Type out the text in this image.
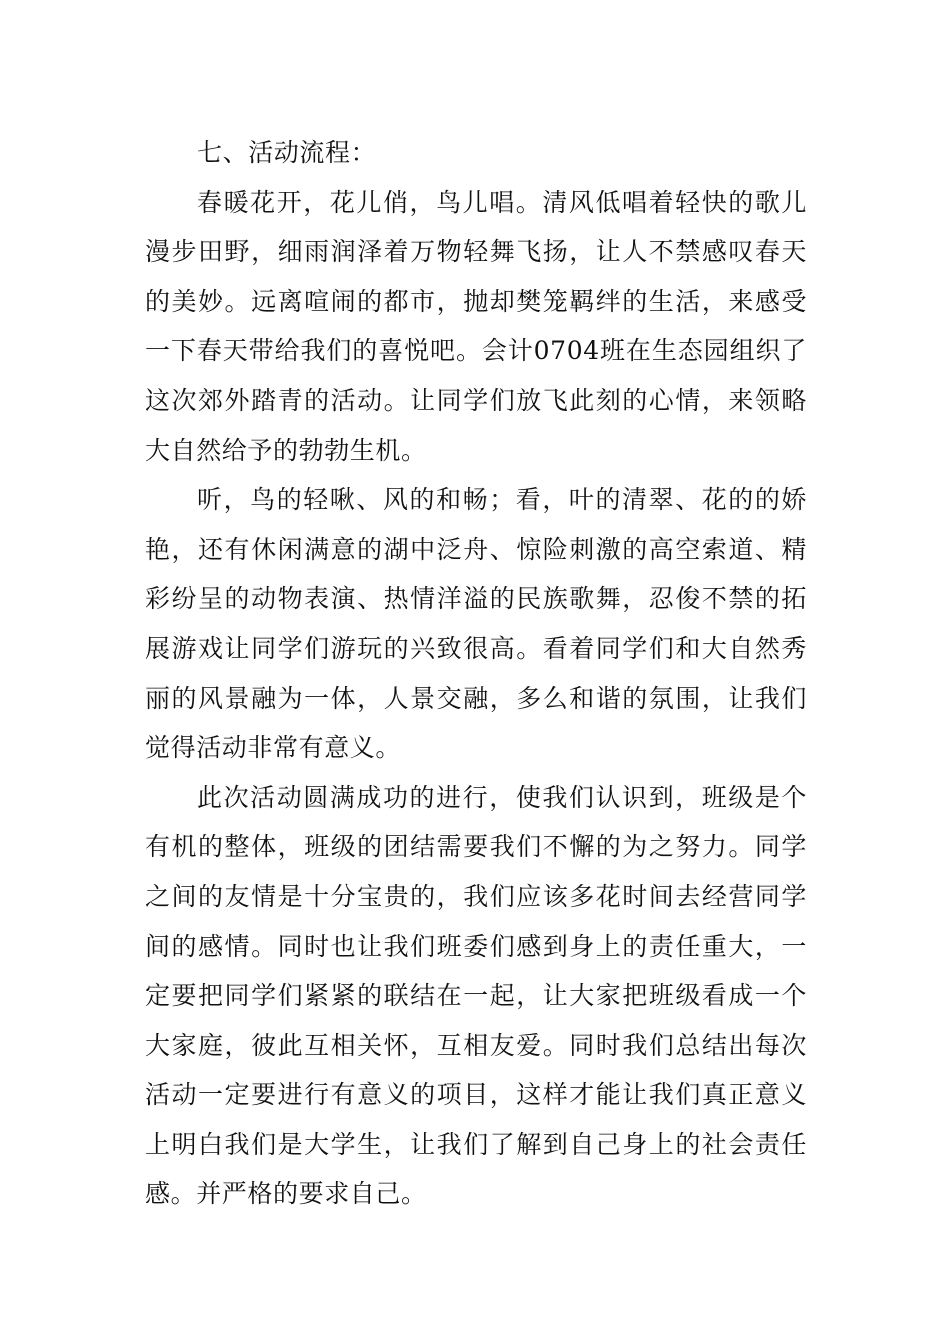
七、活动流程：

春暖花开，花儿俏，鸟儿唱。清风低唱着轻快的歌儿漫步田野，细雨润泽着万物轻舞飞扬，让人不禁感叹春天的美妙。远离喧闹的都市，抛却樊笼羁绊的生活，来感受一下春天带给我们的喜悦吧。会计0704班在生态园组织了这次郊外踏青的活动。让同学们放飞此刻的心情，来领略大自然给予的勃勃生机。

听，鸟的轻啾、风的和畅；看，叶的清翠、花的的娇艳，还有休闲满意的湖中泛舟、惊险刺激的高空索道、精彩纷呈的动物表演、热情洋溢的民族歌舞，忍俊不禁的拓展游戏让同学们游玩的兴致很高。看着同学们和大自然秀丽的风景融为一体，人景交融，多么和谐的氛围，让我们觉得活动非常有意义。

此次活动圆满成功的进行，使我们认识到，班级是个有机的整体，班级的团结需要我们不懈的为之努力。同学之间的友情是十分宝贵的，我们应该多花时间去经营同学间的感情。同时也让我们班委们感到身上的责任重大，一定要把同学们紧紧的联结在一起，让大家把班级看成一个大家庭，彼此互相关怀，互相友爱。同时我们总结出每次活动一定要进行有意义的项目，这样才能让我们真正意义上明白我们是大学生，让我们了解到自己身上的社会责任感。并严格的要求自己。
